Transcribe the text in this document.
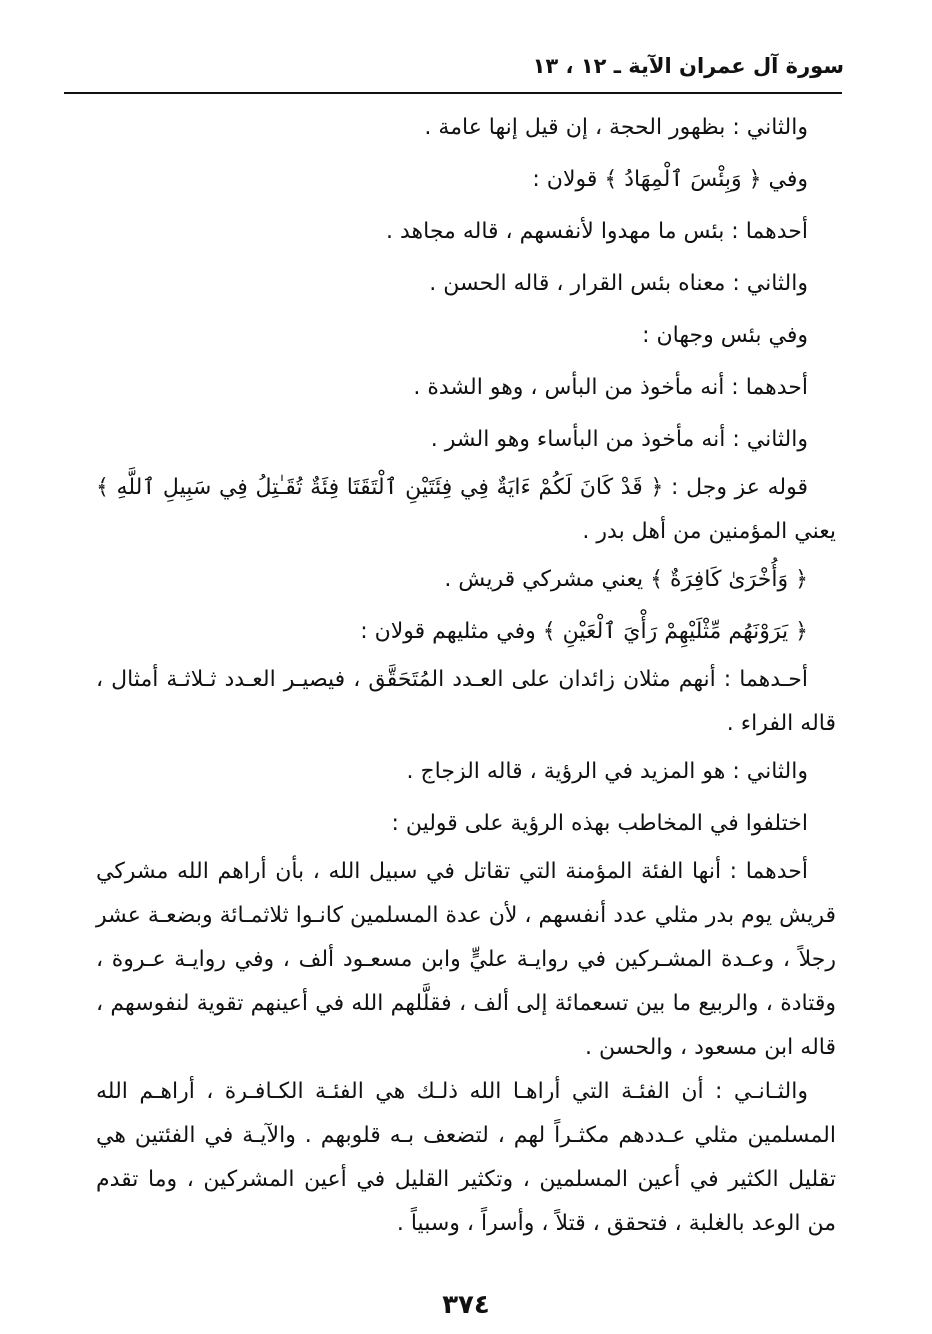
سورة آل عمران الآية ـ ١٢ ، ١٣

والثاني : بظهور الحجة ، إن قيل إنها عامة .

وفي ﴿ وَبِئْسَ ٱلْمِهَادُ ﴾ قولان :

أحدهما : بئس ما مهدوا لأنفسهم ، قاله مجاهد .

والثاني : معناه بئس القرار ، قاله الحسن .

وفي بئس وجهان :

أحدهما : أنه مأخوذ من البأس ، وهو الشدة .

والثاني : أنه مأخوذ من البأساء وهو الشر .

قوله عز وجل : ﴿ قَدْ كَانَ لَكُمْ ءَايَةٌ فِي فِئَتَيْنِ ٱلْتَقَتَا فِئَةٌ تُقَـٰتِلُ فِي سَبِيلِ ٱللَّهِ ﴾ يعني المؤمنين من أهل بدر .

﴿ وَأُخْرَىٰ كَافِرَةٌ ﴾ يعني مشركي قريش .

﴿ يَرَوْنَهُم مِّثْلَيْهِمْ رَأْيَ ٱلْعَيْنِ ﴾ وفي مثليهم قولان :

أحـدهما : أنهم مثلان زائدان على العـدد المُتَحَقَّق ، فيصيـر العـدد ثـلاثـة أمثال ، قاله الفراء .

والثاني : هو المزيد في الرؤية ، قاله الزجاج .

اختلفوا في المخاطب بهذه الرؤية على قولين :

أحدهما : أنها الفئة المؤمنة التي تقاتل في سبيل الله ، بأن أراهم الله مشركي قريش يوم بدر مثلي عدد أنفسهم ، لأن عدة المسلمين كانـوا ثلاثمـائة وبضعـة عشر رجلاً ، وعـدة المشـركين في روايـة عليٍّ وابن مسعـود ألف ، وفي روايـة عـروة ، وقتادة ، والربيع ما بين تسعمائة إلى ألف ، فقلَّلهم الله في أعينهم تقوية لنفوسهم ، قاله ابن مسعود ، والحسن .

والثـانـي : أن الفئـة التي أراهـا الله ذلـك هي الفئـة الكـافـرة ، أراهـم الله المسلمين مثلي عـددهم مكثـراً لهم ، لتضعف بـه قلوبهم . والآيـة في الفئتين هي تقليل الكثير في أعين المسلمين ، وتكثير القليل في أعين المشركين ، وما تقدم من الوعد بالغلبة ، فتحقق ، قتلاً ، وأسراً ، وسبياً .

٣٧٤
